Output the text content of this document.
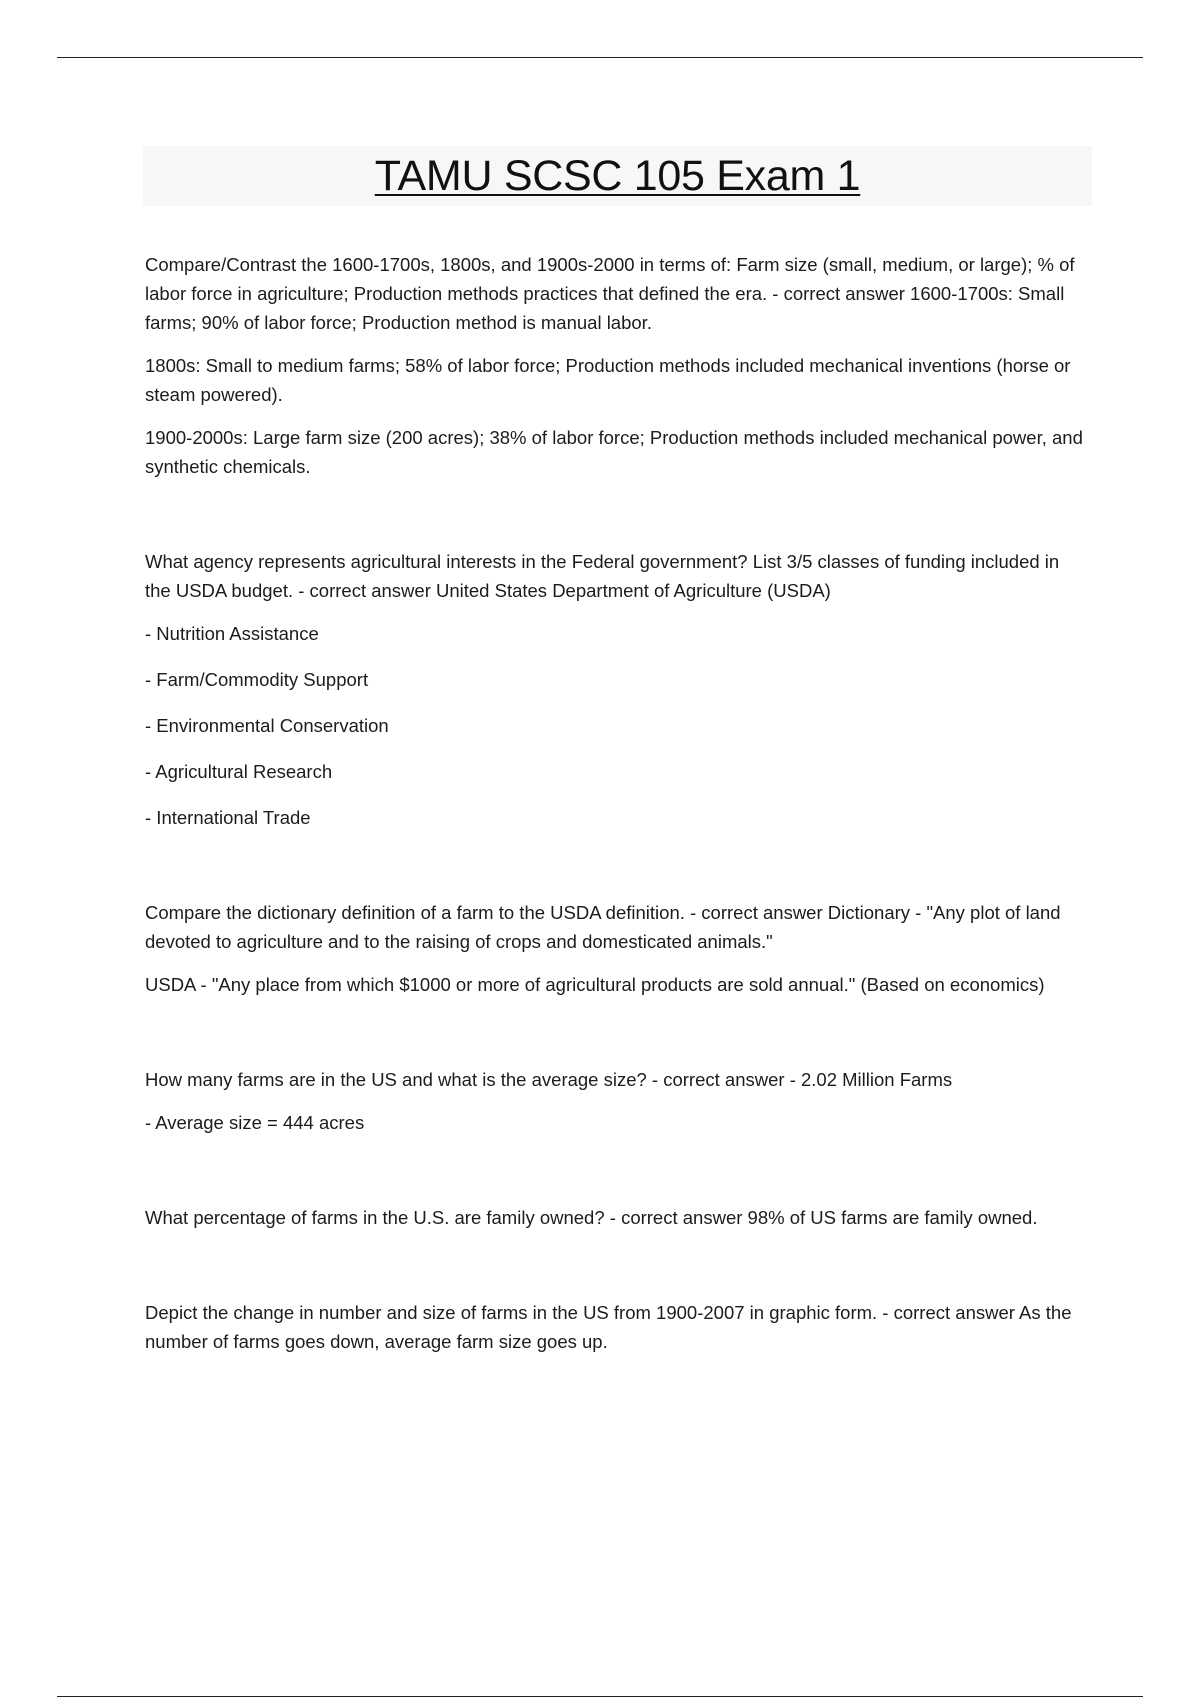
TAMU SCSC 105 Exam 1

Compare/Contrast the 1600-1700s, 1800s, and 1900s-2000 in terms of: Farm size (small, medium, or large); % of labor force in agriculture; Production methods practices that defined the era. - correct answer 1600-1700s: Small farms; 90% of labor force; Production method is manual labor.

1800s: Small to medium farms; 58% of labor force; Production methods included mechanical inventions (horse or steam powered).

1900-2000s: Large farm size (200 acres); 38% of labor force; Production methods included mechanical power, and synthetic chemicals.

What agency represents agricultural interests in the Federal government? List 3/5 classes of funding included in the USDA budget. - correct answer United States Department of Agriculture (USDA)

- Nutrition Assistance

- Farm/Commodity Support

- Environmental Conservation

- Agricultural Research

- International Trade

Compare the dictionary definition of a farm to the USDA definition. - correct answer Dictionary - "Any plot of land devoted to agriculture and to the raising of crops and domesticated animals."

USDA - "Any place from which $1000 or more of agricultural products are sold annual." (Based on economics)

How many farms are in the US and what is the average size? - correct answer - 2.02 Million Farms

- Average size = 444 acres

What percentage of farms in the U.S. are family owned? - correct answer 98% of US farms are family owned.

Depict the change in number and size of farms in the US from 1900-2007 in graphic form. - correct answer As the number of farms goes down, average farm size goes up.
